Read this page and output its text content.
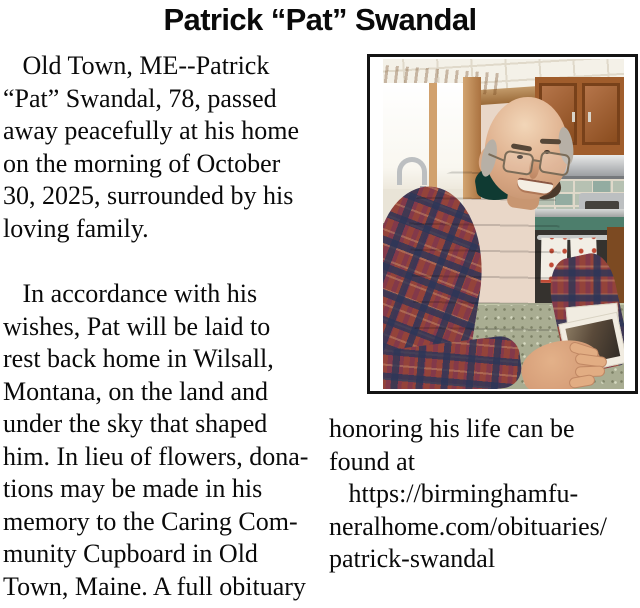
Patrick “Pat” Swandal
Old Town, ME--Patrick
“Pat” Swandal, 78, passed
away peacefully at his home
on the morning of October
30, 2025, surrounded by his
loving family.
In accordance with his
wishes, Pat will be laid to
rest back home in Wilsall,
Montana, on the land and
under the sky that shaped
him. In lieu of flowers, dona-
tions may be made in his
memory to the Caring Com-
munity Cupboard in Old
Town, Maine. A full obituary
honoring his life can be
found at
https://birminghamfu-
neralhome.com/obituaries/
patrick-swandal
